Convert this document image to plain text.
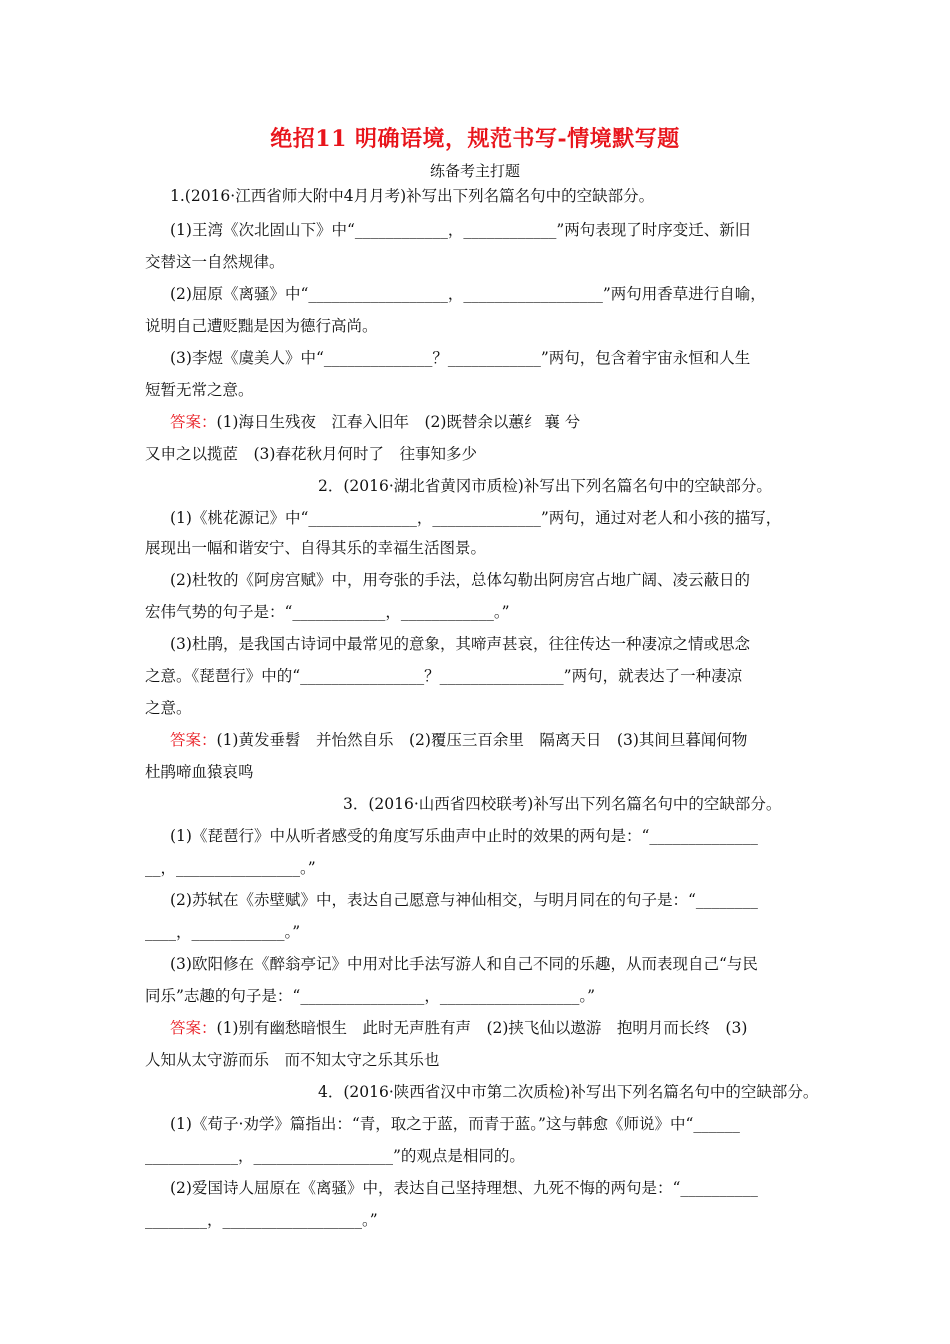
绝招11 明确语境，规范书写-情境默写题
练备考主打题
1.(2016·江西省师大附中4月月考)补写出下列名篇名句中的空缺部分。
(1)王湾《次北固山下》中“____________，____________”两句表现了时序变迁、新旧
交替这一自然规律。
(2)屈原《离骚》中“__________________，__________________”两句用香草进行自喻，
说明自己遭贬黜是因为德行高尚。
(3)李煜《虞美人》中“______________？____________”两句，包含着宇宙永恒和人生
短暂无常之意。
答案：(1)海日生残夜　江春入旧年　(2)既替余以蕙纟 襄 兮
又申之以揽茝　(3)春花秋月何时了　往事知多少
2．(2016·湖北省黄冈市质检)补写出下列名篇名句中的空缺部分。
(1)《桃花源记》中“______________，______________”两句，通过对老人和小孩的描写，
展现出一幅和谐安宁、自得其乐的幸福生活图景。
(2)杜牧的《阿房宫赋》中，用夸张的手法，总体勾勒出阿房宫占地广阔、凌云蔽日的
宏伟气势的句子是：“____________，____________。”
(3)杜鹃，是我国古诗词中最常见的意象，其啼声甚哀，往往传达一种凄凉之情或思念
之意。《琵琶行》中的“________________？________________”两句，就表达了一种凄凉
之意。
答案：(1)黄发垂髫　并怡然自乐　(2)覆压三百余里　隔离天日　(3)其间旦暮闻何物
杜鹃啼血猿哀鸣
3．(2016·山西省四校联考)补写出下列名篇名句中的空缺部分。
(1)《琵琶行》中从听者感受的角度写乐曲声中止时的效果的两句是：“______________
__，________________。”
(2)苏轼在《赤壁赋》中，表达自己愿意与神仙相交，与明月同在的句子是：“________
____，____________。”
(3)欧阳修在《醉翁亭记》中用对比手法写游人和自己不同的乐趣，从而表现自己“与民
同乐”志趣的句子是：“________________，__________________。”
答案：(1)别有幽愁暗恨生　此时无声胜有声　(2)挟飞仙以遨游　抱明月而长终　(3)
人知从太守游而乐　而不知太守之乐其乐也
4．(2016·陕西省汉中市第二次质检)补写出下列名篇名句中的空缺部分。
(1)《荀子·劝学》篇指出：“青，取之于蓝，而青于蓝。”这与韩愈《师说》中“______
____________，__________________”的观点是相同的。
(2)爱国诗人屈原在《离骚》中，表达自己坚持理想、九死不悔的两句是：“__________
________，__________________。”
